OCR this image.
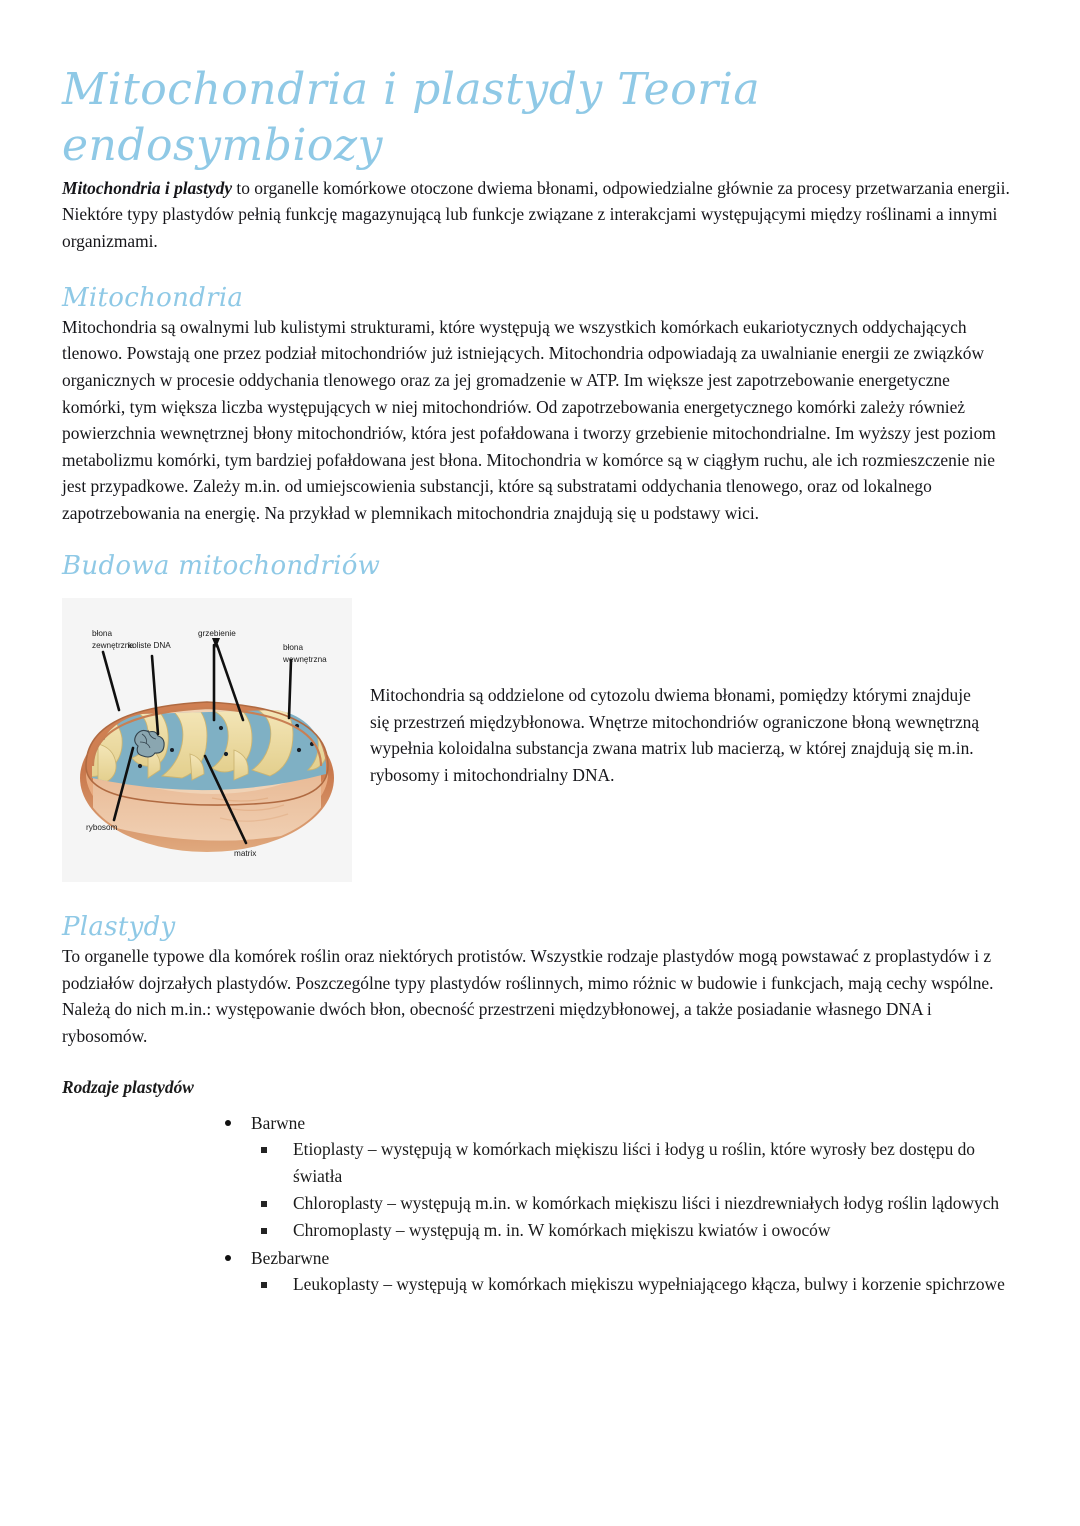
Mitochondria i plastydy Teoria endosymbiozy

Mitochondria i plastydy to organelle komórkowe otoczone dwiema błonami, odpowiedzialne głównie za procesy przetwarzania energii. Niektóre typy plastydów pełnią funkcję magazynującą lub funkcje związane z interakcjami występującymi między roślinami a innymi organizmami.

Mitochondria

Mitochondria są owalnymi lub kulistymi strukturami, które występują we wszystkich komórkach eukariotycznych oddychających tlenowo. Powstają one przez podział mitochondriów już istniejących. Mitochondria odpowiadają za uwalnianie energii ze związków organicznych w procesie oddychania tlenowego oraz za jej gromadzenie w ATP. Im większe jest zapotrzebowanie energetyczne komórki, tym większa liczba występujących w niej mitochondriów. Od zapotrzebowania energetycznego komórki zależy również powierzchnia wewnętrznej błony mitochondriów, która jest pofałdowana i tworzy grzebienie mitochondrialne. Im wyższy jest poziom metabolizmu komórki, tym bardziej pofałdowana jest błona. Mitochondria w komórce są w ciągłym ruchu, ale ich rozmieszczenie nie jest przypadkowe. Zależy m.in. od umiejscowienia substancji, które są substratami oddychania tlenowego, oraz od lokalnego zapotrzebowania na energię. Na przykład w plemnikach mitochondria znajdują się u podstawy wici.

Budowa mitochondriów
błona
zewnętrzna
koliste DNA
grzebienie
błona
wewnętrzna
rybosom
matrix
Mitochondria są oddzielone od cytozolu dwiema błonami, pomiędzy którymi znajduje się przestrzeń międzybłonowa. Wnętrze mitochondriów ograniczone błoną wewnętrzną wypełnia koloidalna substancja zwana matrix lub macierzą, w której znajdują się m.in. rybosomy i mitochondrialny DNA.
Plastydy

To organelle typowe dla komórek roślin oraz niektórych protistów. Wszystkie rodzaje plastydów mogą powstawać z proplastydów i z podziałów dojrzałych plastydów. Poszczególne typy plastydów roślinnych, mimo różnic w budowie i funkcjach, mają cechy wspólne. Należą do nich m.in.: występowanie dwóch błon, obecność przestrzeni międzybłonowej, a także posiadanie własnego DNA i rybosomów.

Rodzaje plastydów
Barwne
Etioplasty – występują w komórkach miękiszu liści i łodyg u roślin, które wyrosły bez dostępu do światła
Chloroplasty – występują m.in. w komórkach miękiszu liści i niezdrewniałych łodyg roślin lądowych
Chromoplasty – występują m. in. W komórkach miękiszu kwiatów i owoców
Bezbarwne
Leukoplasty – występują w komórkach miękiszu wypełniającego kłącza, bulwy i korzenie spichrzowe
